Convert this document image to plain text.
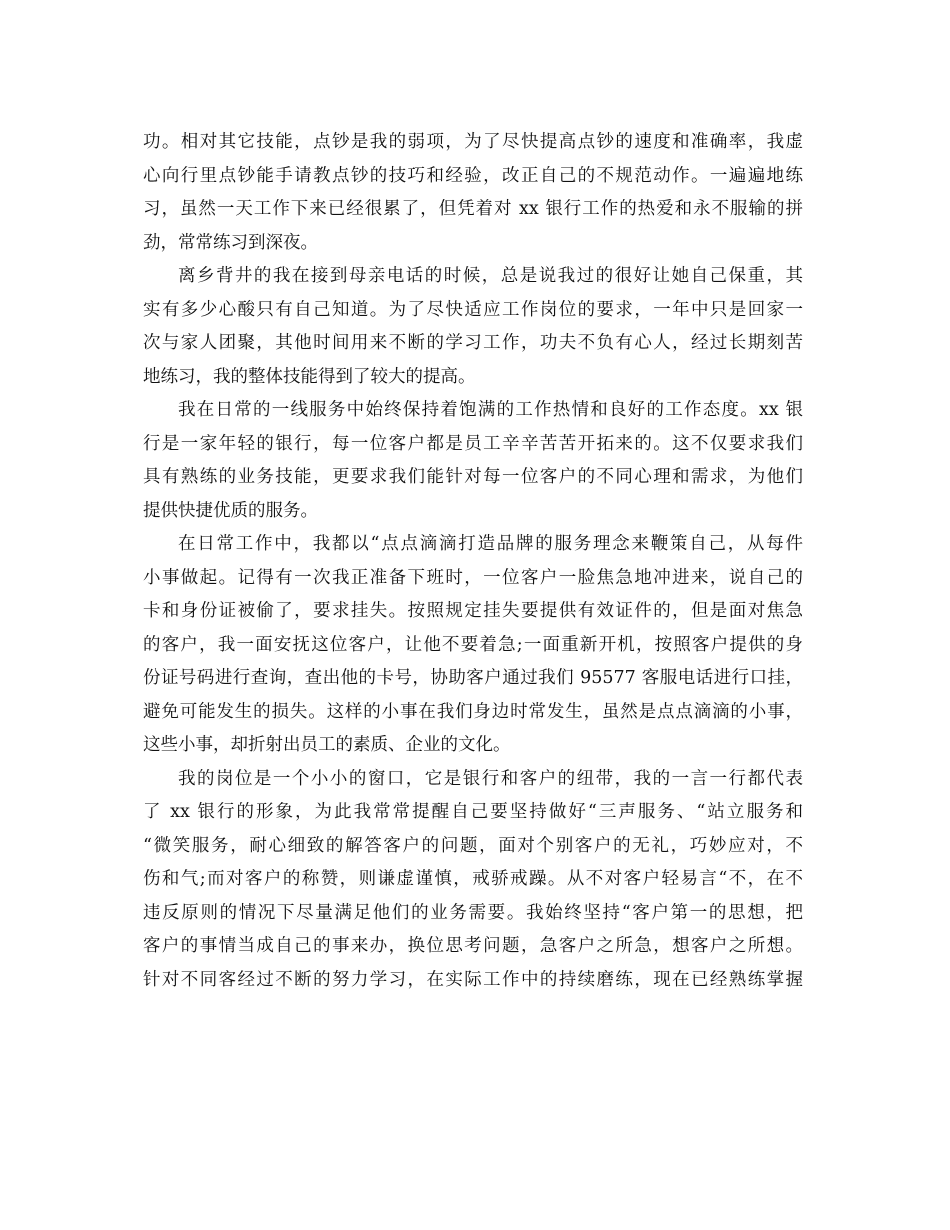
功。相对其它技能，点钞是我的弱项，为了尽快提高点钞的速度和准确率，我虚
心向行里点钞能手请教点钞的技巧和经验，改正自己的不规范动作。一遍遍地练
习，虽然一天工作下来已经很累了，但凭着对 xx 银行工作的热爱和永不服输的拼
劲，常常练习到深夜。
离乡背井的我在接到母亲电话的时候，总是说我过的很好让她自己保重，其
实有多少心酸只有自己知道。为了尽快适应工作岗位的要求，一年中只是回家一
次与家人团聚，其他时间用来不断的学习工作，功夫不负有心人，经过长期刻苦
地练习，我的整体技能得到了较大的提高。
我在日常的一线服务中始终保持着饱满的工作热情和良好的工作态度。xx 银
行是一家年轻的银行，每一位客户都是员工辛辛苦苦开拓来的。这不仅要求我们
具有熟练的业务技能，更要求我们能针对每一位客户的不同心理和需求，为他们
提供快捷优质的服务。
在日常工作中，我都以“点点滴滴打造品牌的服务理念来鞭策自己，从每件
小事做起。记得有一次我正准备下班时，一位客户一脸焦急地冲进来，说自己的
卡和身份证被偷了，要求挂失。按照规定挂失要提供有效证件的，但是面对焦急
的客户，我一面安抚这位客户，让他不要着急;一面重新开机，按照客户提供的身
份证号码进行查询，查出他的卡号，协助客户通过我们 95577 客服电话进行口挂，
避免可能发生的损失。这样的小事在我们身边时常发生，虽然是点点滴滴的小事，
这些小事，却折射出员工的素质、企业的文化。
我的岗位是一个小小的窗口，它是银行和客户的纽带，我的一言一行都代表
了 xx 银行的形象，为此我常常提醒自己要坚持做好“三声服务、“站立服务和
“微笑服务，耐心细致的解答客户的问题，面对个别客户的无礼，巧妙应对，不
伤和气;而对客户的称赞，则谦虚谨慎，戒骄戒躁。从不对客户轻易言“不，在不
违反原则的情况下尽量满足他们的业务需要。我始终坚持“客户第一的思想，把
客户的事情当成自己的事来办，换位思考问题，急客户之所急，想客户之所想。
针对不同客经过不断的努力学习，在实际工作中的持续磨练，现在已经熟练掌握
